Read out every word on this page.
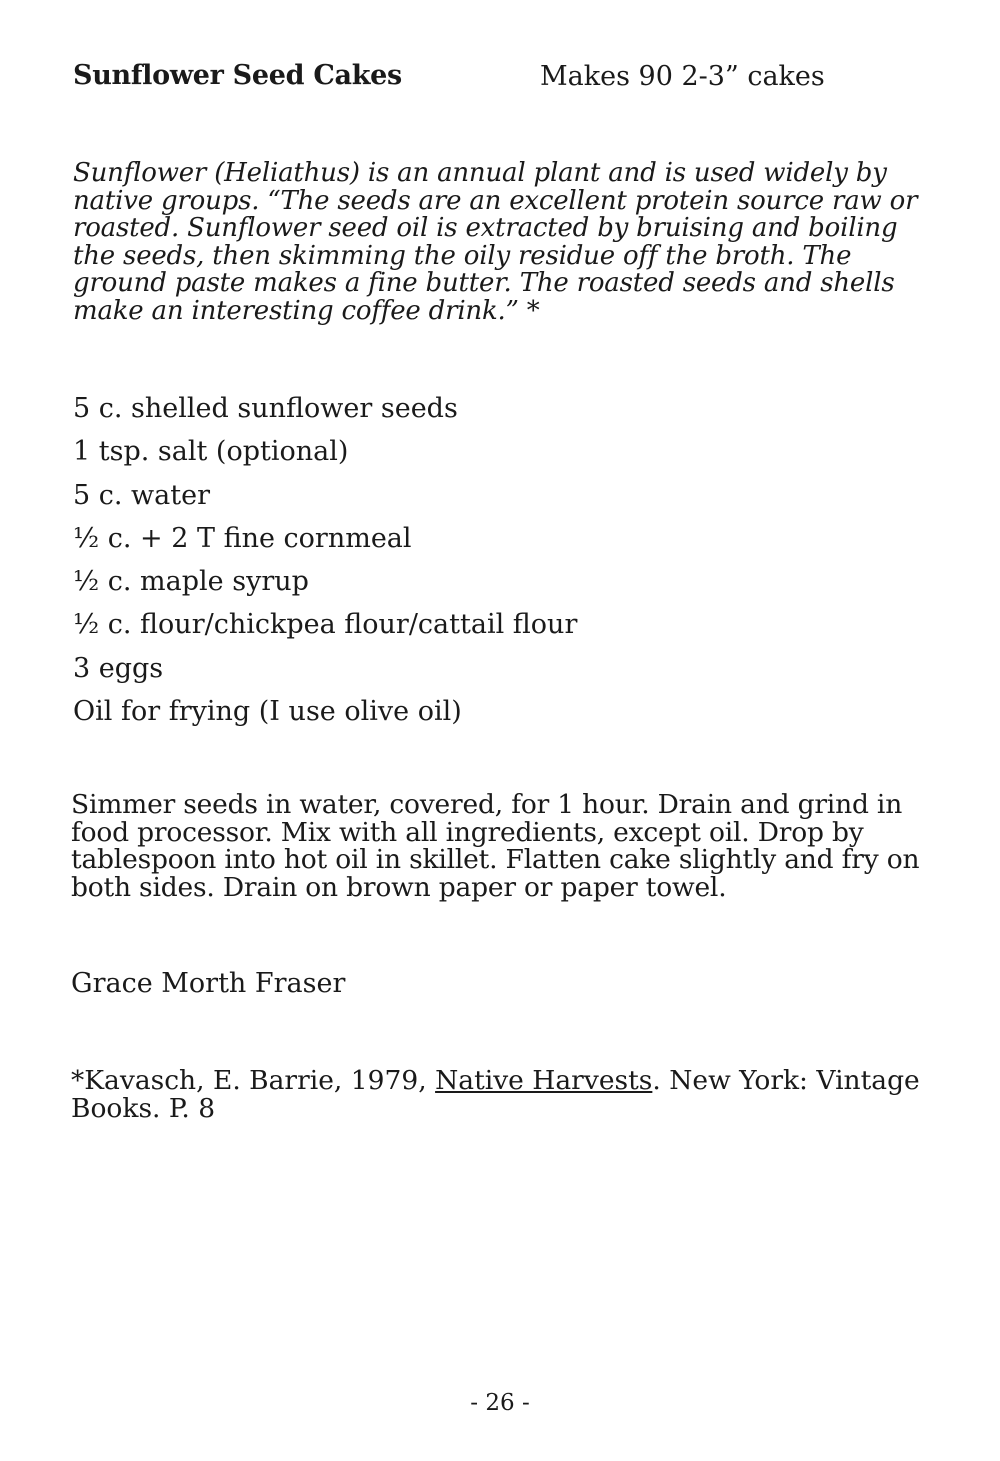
Sunflower Seed Cakes	Makes 90 2-3” cakes
Sunflower (Heliathus) is an annual plant and is used widely by native groups. “The seeds are an excellent protein source raw or roasted. Sunflower seed oil is extracted by bruising and boiling the seeds, then skimming the oily residue off the broth. The ground paste makes a fine butter. The roasted seeds and shells make an interesting coffee drink.” *
5 c. shelled sunflower seeds
1 tsp. salt (optional)
5 c. water
½ c. + 2 T fine cornmeal
½ c. maple syrup
½ c. flour/chickpea flour/cattail flour
3 eggs
Oil for frying (I use olive oil)
Simmer seeds in water, covered, for 1 hour. Drain and grind in food processor. Mix with all ingredients, except oil. Drop by tablespoon into hot oil in skillet. Flatten cake slightly and fry on both sides. Drain on brown paper or paper towel.
Grace Morth Fraser
*Kavasch, E. Barrie, 1979, Native Harvests. New York: Vintage Books. P. 8
- 26 -
